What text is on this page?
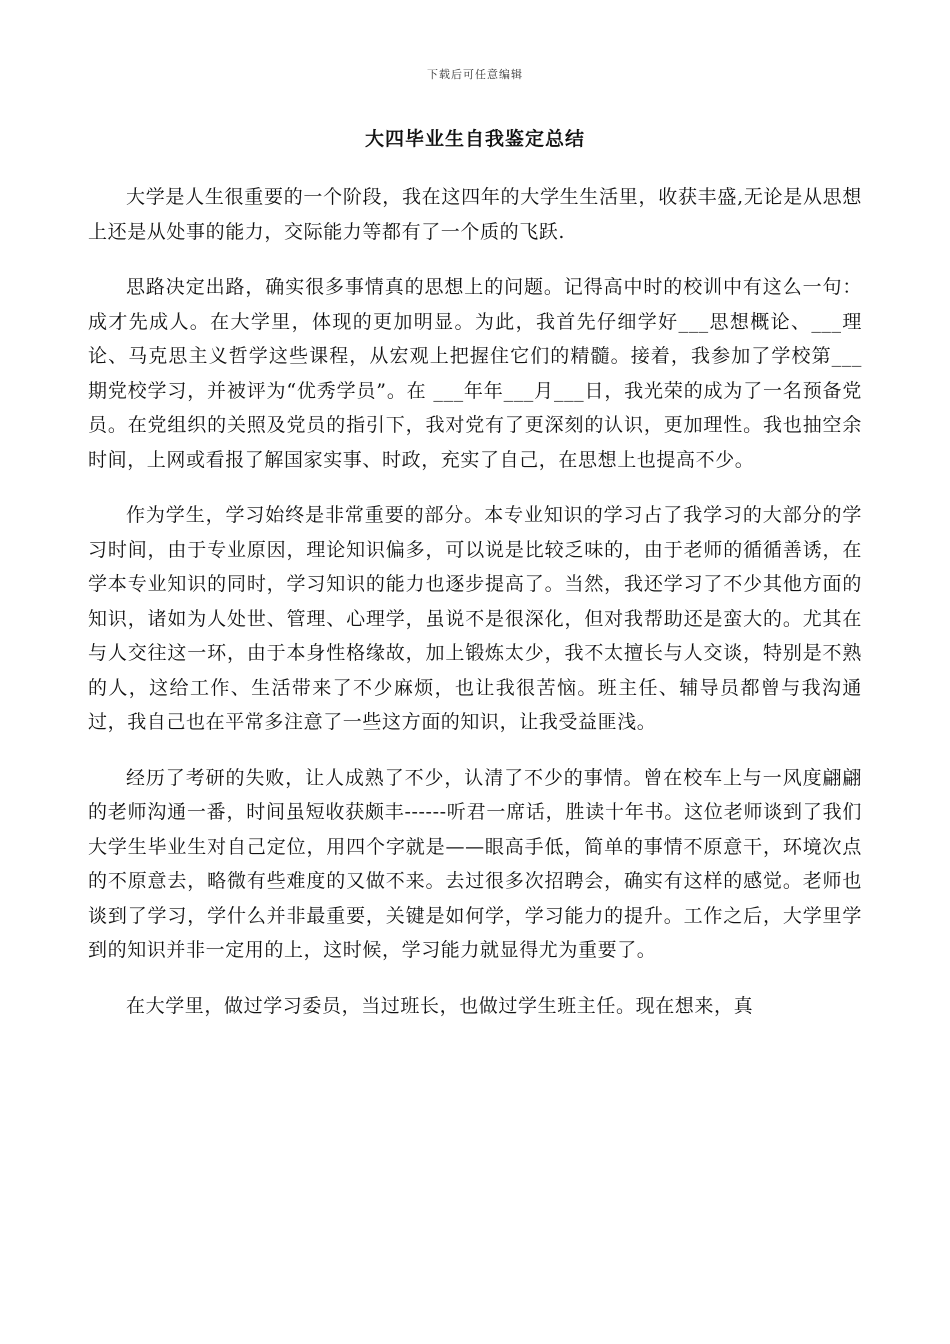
下载后可任意编辑
大四毕业生自我鉴定总结

大学是人生很重要的一个阶段，我在这四年的大学生生活里，收获丰盛,无论是从思想上还是从处事的能力，交际能力等都有了一个质的飞跃.

思路决定出路，确实很多事情真的思想上的问题。记得高中时的校训中有这么一句：成才先成人。在大学里，体现的更加明显。为此，我首先仔细学好___思想概论、___理论、马克思主义哲学这些课程，从宏观上把握住它们的精髓。接着，我参加了学校第___期党校学习，并被评为“优秀学员”。在 ___年年___月___日，我光荣的成为了一名预备党员。在党组织的关照及党员的指引下，我对党有了更深刻的认识，更加理性。我也抽空余时间，上网或看报了解国家实事、时政，充实了自己，在思想上也提高不少。

作为学生，学习始终是非常重要的部分。本专业知识的学习占了我学习的大部分的学习时间，由于专业原因，理论知识偏多，可以说是比较乏味的，由于老师的循循善诱，在学本专业知识的同时，学习知识的能力也逐步提高了。当然，我还学习了不少其他方面的知识，诸如为人处世、管理、心理学，虽说不是很深化，但对我帮助还是蛮大的。尤其在与人交往这一环，由于本身性格缘故，加上锻炼太少，我不太擅长与人交谈，特别是不熟的人，这给工作、生活带来了不少麻烦，也让我很苦恼。班主任、辅导员都曾与我沟通过，我自己也在平常多注意了一些这方面的知识，让我受益匪浅。

经历了考研的失败，让人成熟了不少，认清了不少的事情。曾在校车上与一风度翩翩的老师沟通一番，时间虽短收获颇丰------听君一席话，胜读十年书。这位老师谈到了我们大学生毕业生对自己定位，用四个字就是——眼高手低，简单的事情不原意干，环境次点的不原意去，略微有些难度的又做不来。去过很多次招聘会，确实有这样的感觉。老师也谈到了学习，学什么并非最重要，关键是如何学，学习能力的提升。工作之后，大学里学到的知识并非一定用的上，这时候，学习能力就显得尤为重要了。

在大学里，做过学习委员，当过班长，也做过学生班主任。现在想来，真
